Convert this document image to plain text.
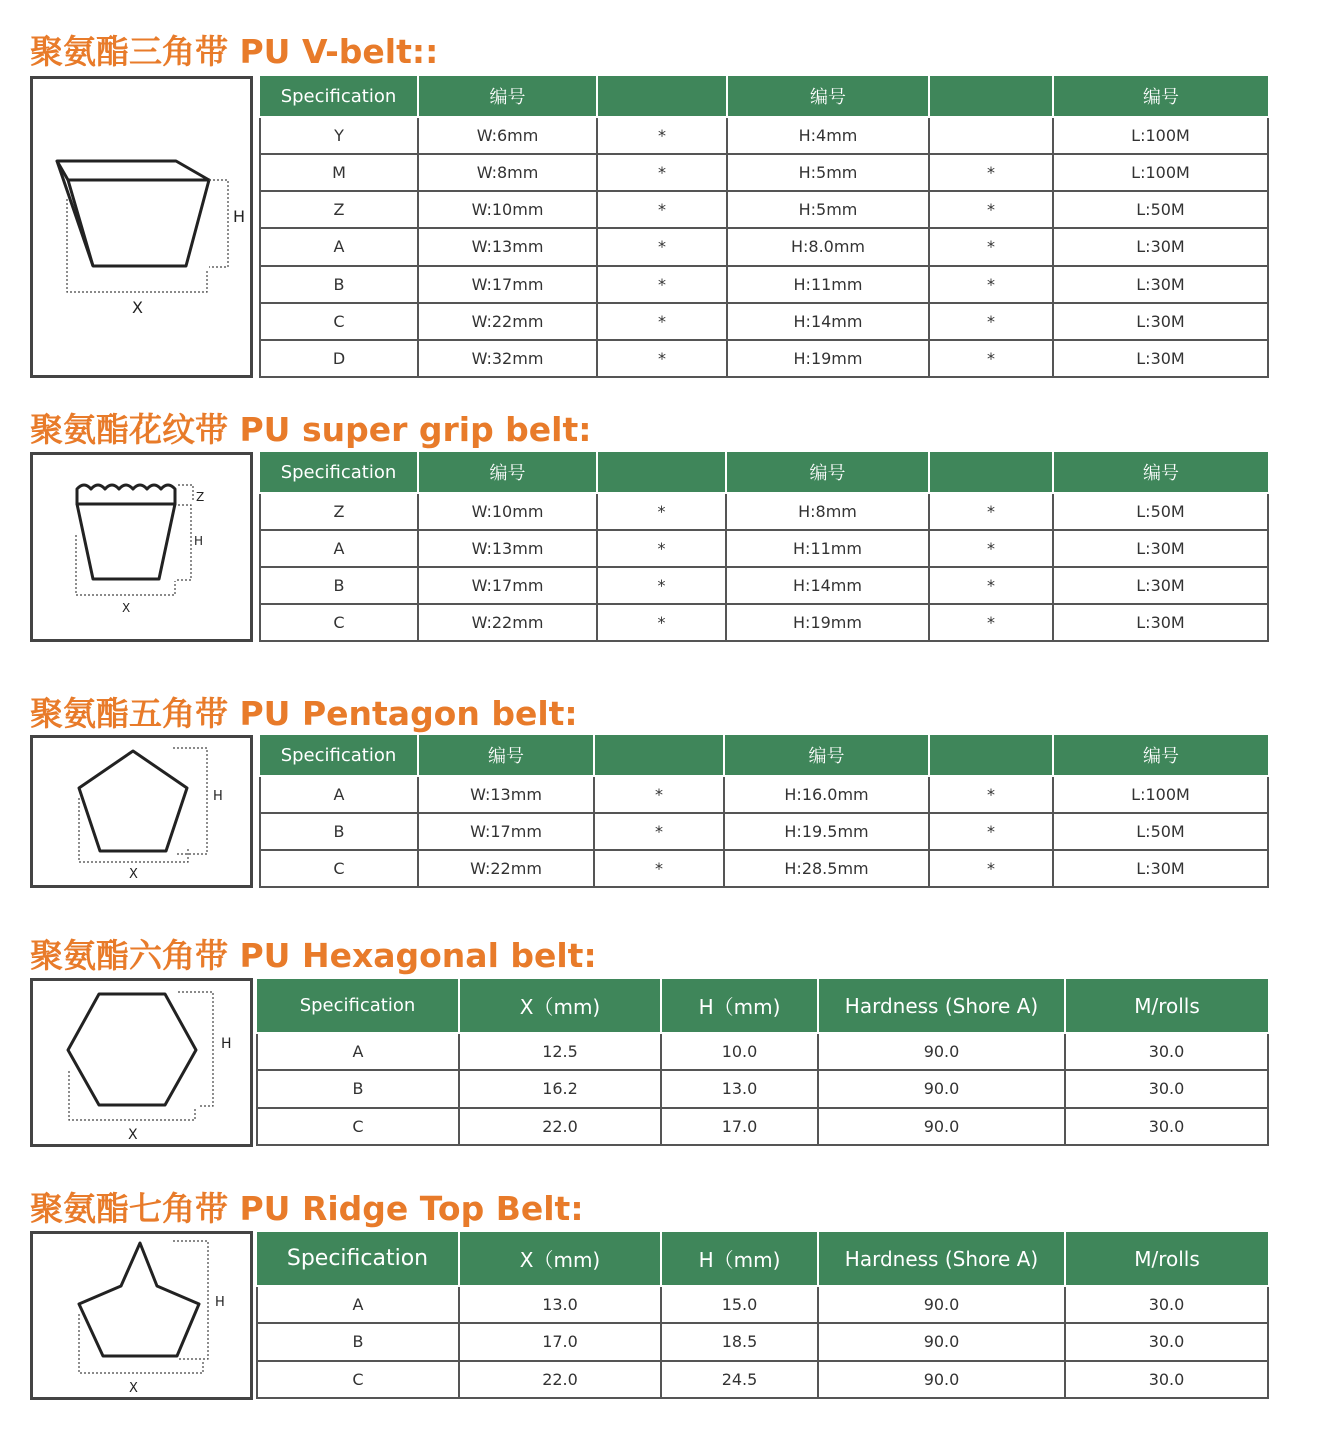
聚氨酯三角带 PU V-belt::
H
X
Specification	编号		编号		编号
Y	W:6mm	*	H:4mm		L:100M
M	W:8mm	*	H:5mm	*	L:100M
Z	W:10mm	*	H:5mm	*	L:50M
A	W:13mm	*	H:8.0mm	*	L:30M
B	W:17mm	*	H:11mm	*	L:30M
C	W:22mm	*	H:14mm	*	L:30M
D	W:32mm	*	H:19mm	*	L:30M
聚氨酯花纹带 PU super grip belt:
Z
H
X
Specification	编号		编号		编号
Z	W:10mm	*	H:8mm	*	L:50M
A	W:13mm	*	H:11mm	*	L:30M
B	W:17mm	*	H:14mm	*	L:30M
C	W:22mm	*	H:19mm	*	L:30M
聚氨酯五角带 PU Pentagon belt:
H
X
Specification	编号		编号		编号
A	W:13mm	*	H:16.0mm	*	L:100M
B	W:17mm	*	H:19.5mm	*	L:50M
C	W:22mm	*	H:28.5mm	*	L:30M
聚氨酯六角带 PU Hexagonal belt:
H
X
Specification	X（mm)	H（mm)	Hardness (Shore A)	M/rolls
A	12.5	10.0	90.0	30.0
B	16.2	13.0	90.0	30.0
C	22.0	17.0	90.0	30.0
聚氨酯七角带 PU Ridge Top Belt:
H
X
Specification	X（mm)	H（mm)	Hardness (Shore A)	M/rolls
A	13.0	15.0	90.0	30.0
B	17.0	18.5	90.0	30.0
C	22.0	24.5	90.0	30.0
